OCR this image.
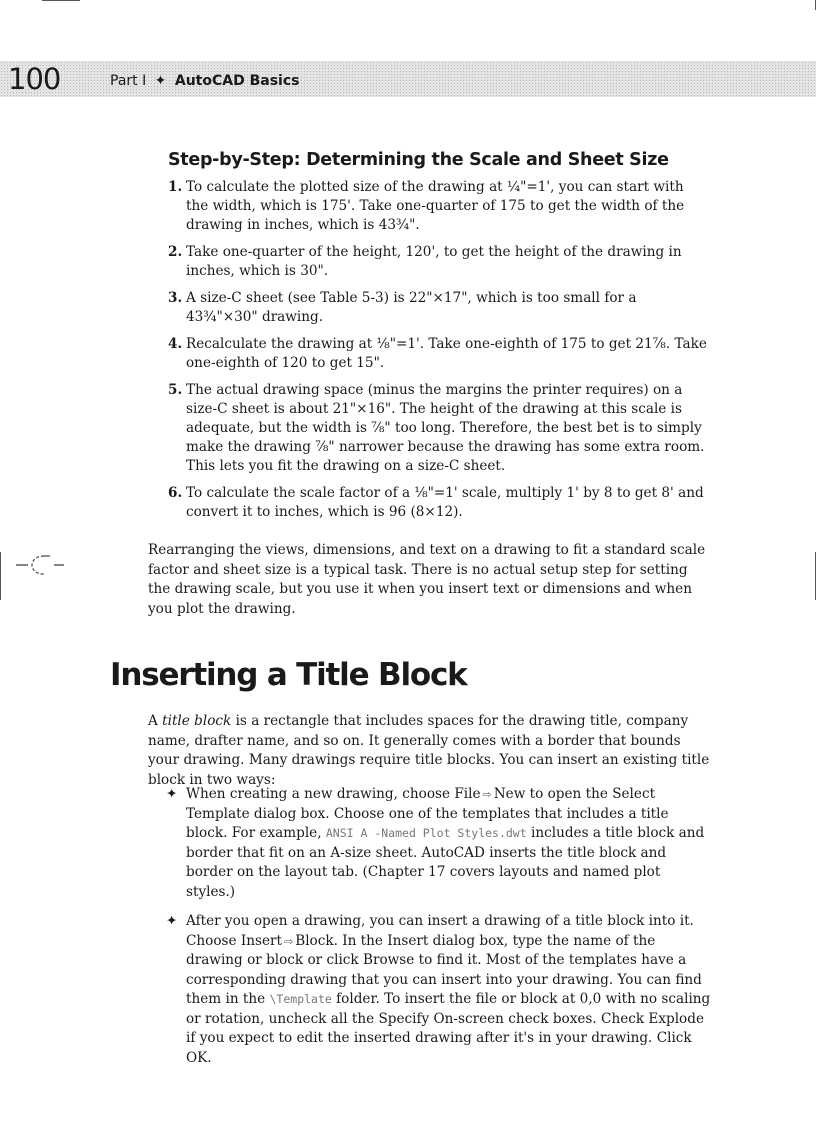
100	Part I ✦ AutoCAD Basics
Step-by-Step: Determining the Scale and Sheet Size
1. To calculate the plotted size of the drawing at ¼"=1', you can start with the width, which is 175'. Take one-quarter of 175 to get the width of the drawing in inches, which is 43¾".
2. Take one-quarter of the height, 120', to get the height of the drawing in inches, which is 30".
3. A size-C sheet (see Table 5-3) is 22"×17", which is too small for a 43¾"×30" drawing.
4. Recalculate the drawing at ⅛"=1'. Take one-eighth of 175 to get 21⅞. Take one-eighth of 120 to get 15".
5. The actual drawing space (minus the margins the printer requires) on a size-C sheet is about 21"×16". The height of the drawing at this scale is adequate, but the width is ⅞" too long. Therefore, the best bet is to simply make the drawing ⅞" narrower because the drawing has some extra room. This lets you fit the drawing on a size-C sheet.
6. To calculate the scale factor of a ⅛"=1' scale, multiply 1' by 8 to get 8' and convert it to inches, which is 96 (8×12).

Rearranging the views, dimensions, and text on a drawing to fit a standard scale factor and sheet size is a typical task. There is no actual setup step for setting the drawing scale, but you use it when you insert text or dimensions and when you plot the drawing.

Inserting a Title Block

A title block is a rectangle that includes spaces for the drawing title, company name, drafter name, and so on. It generally comes with a border that bounds your drawing. Many drawings require title blocks. You can insert an existing title block in two ways:

✦ When creating a new drawing, choose File ⇨ New to open the Select Template dialog box. Choose one of the templates that includes a title block. For example, ANSI A -Named Plot Styles.dwt includes a title block and border that fit on an A-size sheet. AutoCAD inserts the title block and border on the layout tab. (Chapter 17 covers layouts and named plot styles.)
✦ After you open a drawing, you can insert a drawing of a title block into it. Choose Insert ⇨ Block. In the Insert dialog box, type the name of the drawing or block or click Browse to find it. Most of the templates have a corresponding drawing that you can insert into your drawing. You can find them in the \Template folder. To insert the file or block at 0,0 with no scaling or rotation, uncheck all the Specify On-screen check boxes. Check Explode if you expect to edit the inserted drawing after it's in your drawing. Click OK.
